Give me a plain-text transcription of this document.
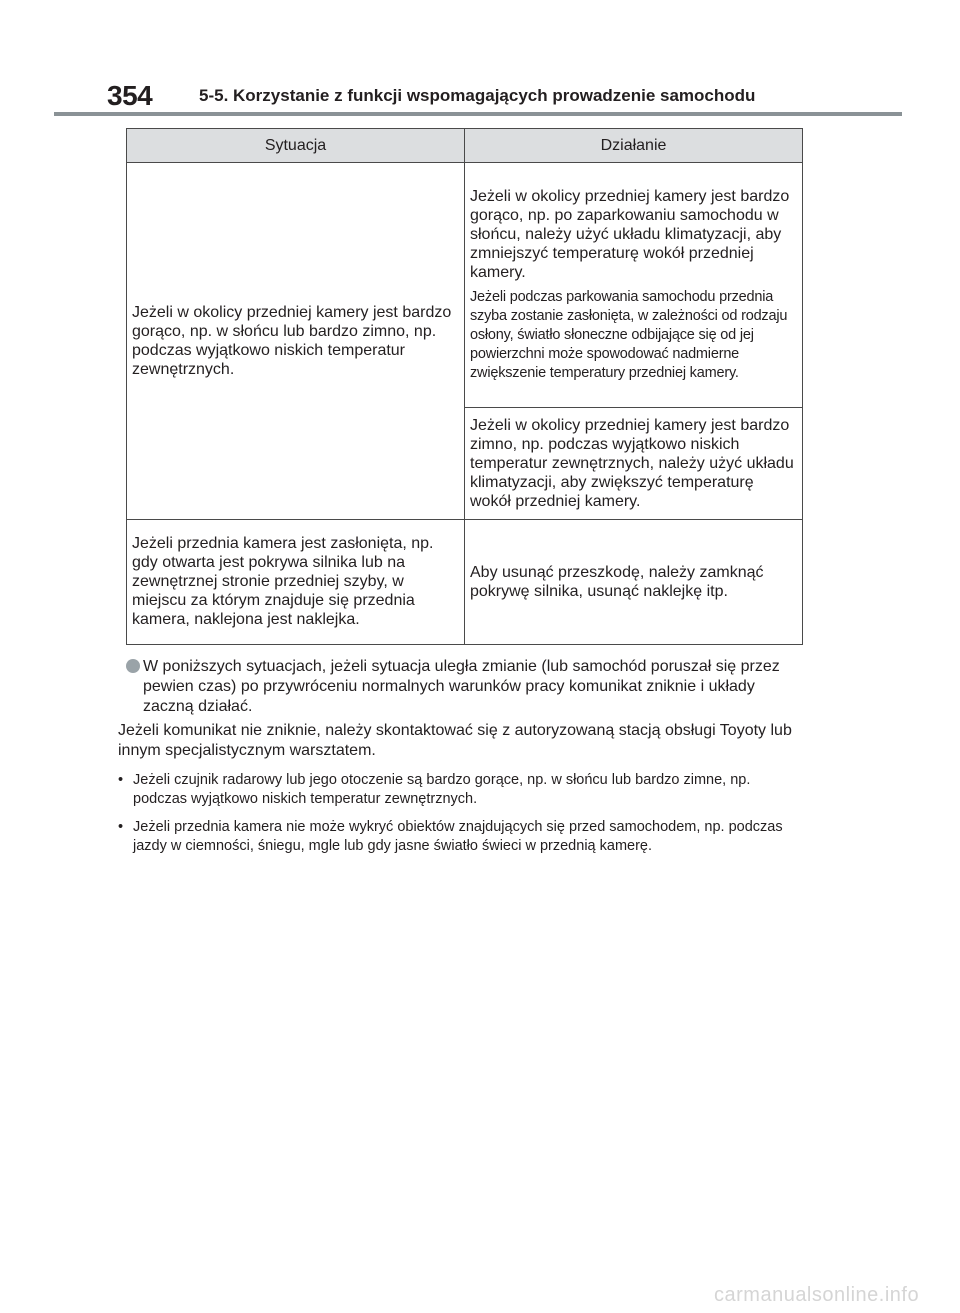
354	5-5. Korzystanie z funkcji wspomagających prowadzenie samochodu
Sytuacja	Działanie

Jeżeli w okolicy przedniej kamery jest bardzo gorąco, np. w słońcu lub bardzo zimno, np. podczas wyjątkowo niskich temperatur zewnętrznych.	Jeżeli w okolicy przedniej kamery jest bardzo gorąco, np. po zaparkowaniu samochodu w słońcu, należy użyć układu klimatyzacji, aby zmniejszyć temperaturę wokół przedniej kamery.

Jeżeli podczas parkowania samochodu przednia szyba zostanie zasłonięta, w zależności od rodzaju osłony, światło słoneczne odbijające się od jej powierzchni może spowodować nadmierne zwiększenie temperatury przedniej kamery.

	Jeżeli w okolicy przedniej kamery jest bardzo zimno, np. podczas wyjątkowo niskich temperatur zewnętrznych, należy użyć układu klimatyzacji, aby zwiększyć temperaturę wokół przedniej kamery.

Jeżeli przednia kamera jest zasłonięta, np. gdy otwarta jest pokrywa silnika lub na zewnętrznej stronie przedniej szyby, w miejscu za którym znajduje się przednia kamera, naklejona jest naklejka.	Aby usunąć przeszkodę, należy zamknąć pokrywę silnika, usunąć naklejkę itp.

W poniższych sytuacjach, jeżeli sytuacja uległa zmianie (lub samochód poruszał się przez pewien czas) po przywróceniu normalnych warunków pracy komunikat zniknie i układy zaczną działać.
Jeżeli komunikat nie zniknie, należy skontaktować się z autoryzowaną stacją obsługi Toyoty lub innym specjalistycznym warsztatem.
• Jeżeli czujnik radarowy lub jego otoczenie są bardzo gorące, np. w słońcu lub bardzo zimne, np. podczas wyjątkowo niskich temperatur zewnętrznych.
• Jeżeli przednia kamera nie może wykryć obiektów znajdujących się przed samochodem, np. podczas jazdy w ciemności, śniegu, mgle lub gdy jasne światło świeci w przednią kamerę.
carmanualsonline.info
